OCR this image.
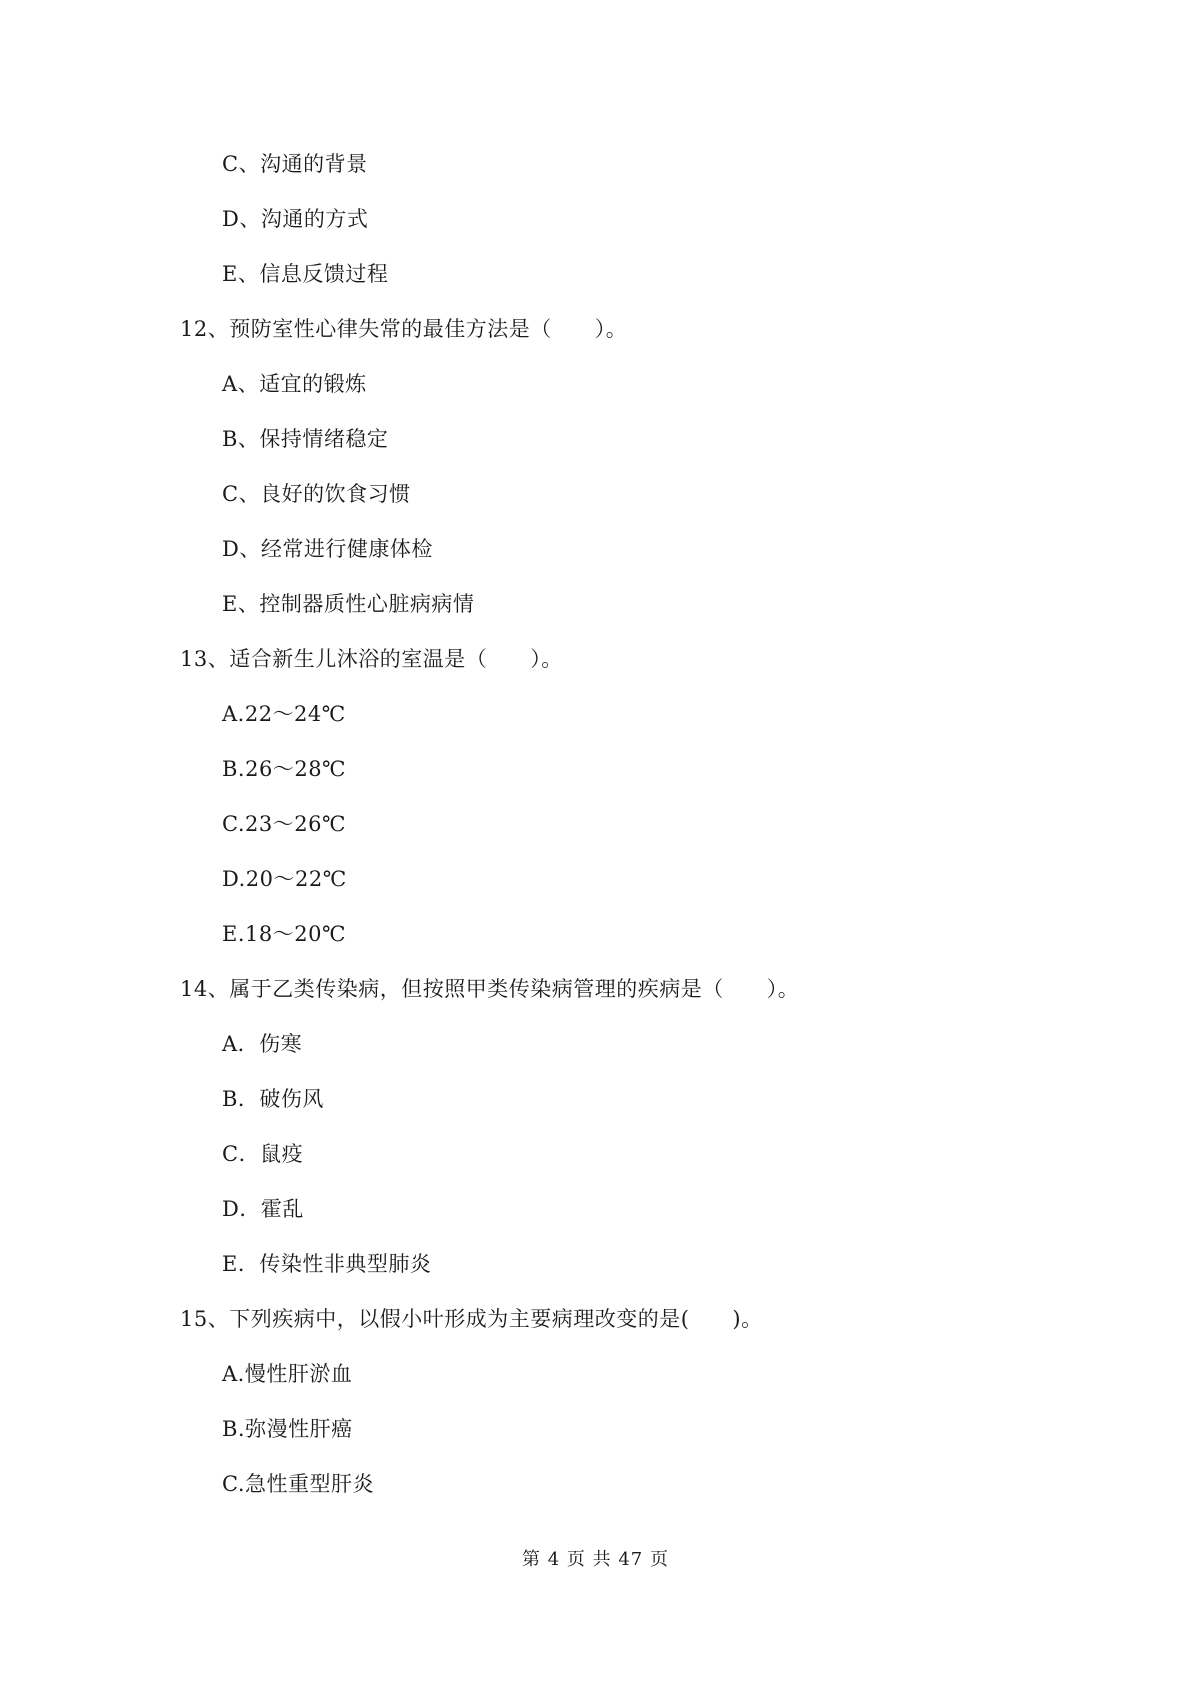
C、沟通的背景
D、沟通的方式
E、信息反馈过程
12、预防室性心律失常的最佳方法是（　　）。
A、适宜的锻炼
B、保持情绪稳定
C、良好的饮食习惯
D、经常进行健康体检
E、控制器质性心脏病病情
13、适合新生儿沐浴的室温是（　　）。
A.22～24℃
B.26～28℃
C.23～26℃
D.20～22℃
E.18～20℃
14、属于乙类传染病，但按照甲类传染病管理的疾病是（　　）。
A．伤寒
B．破伤风
C．鼠疫
D．霍乱
E．传染性非典型肺炎
15、下列疾病中，以假小叶形成为主要病理改变的是(　　)。
A.慢性肝淤血
B.弥漫性肝癌
C.急性重型肝炎
第 4 页 共 47 页
